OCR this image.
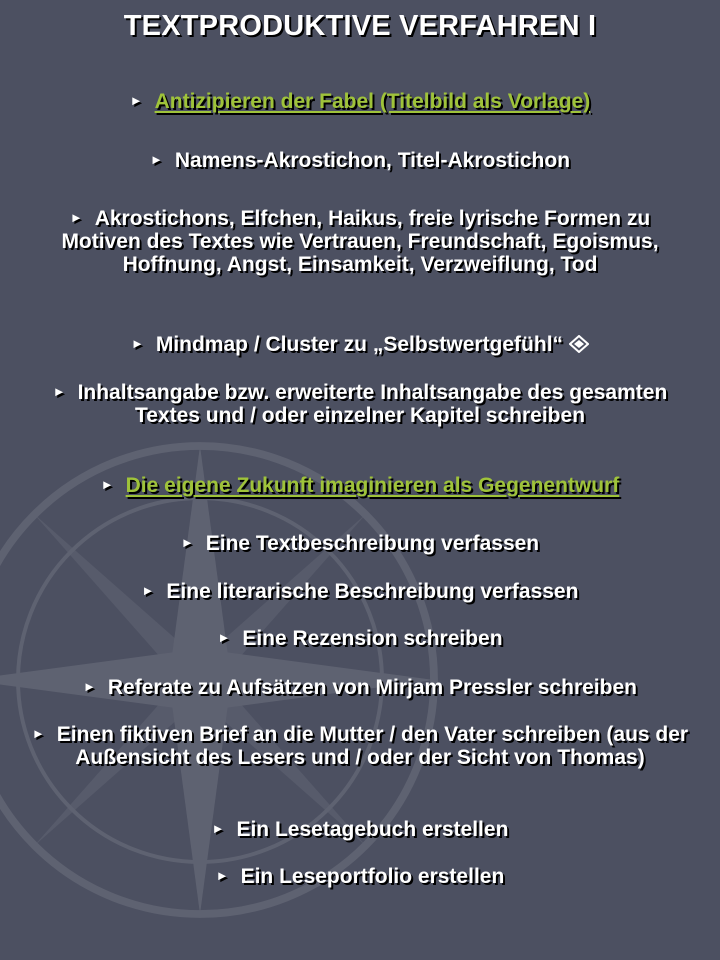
TEXTPRODUKTIVE VERFAHREN I
► Antizipieren der Fabel (Titelbild als Vorlage)
► Namens-Akrostichon, Titel-Akrostichon
► Akrostichons, Elfchen, Haikus, freie lyrische Formen zu Motiven des Textes wie Vertrauen, Freundschaft, Egoismus, Hoffnung, Angst, Einsamkeit, Verzweiflung, Tod
► Mindmap / Cluster zu „Selbstwertgefühl“
► Inhaltsangabe bzw. erweiterte Inhaltsangabe des gesamten Textes und / oder einzelner Kapitel schreiben
► Die eigene Zukunft imaginieren als Gegenentwurf
► Eine Textbeschreibung verfassen
► Eine literarische Beschreibung verfassen
► Eine Rezension schreiben
► Referate zu Aufsätzen von Mirjam Pressler schreiben
► Einen fiktiven Brief an die Mutter / den Vater schreiben (aus der Außensicht des Lesers und / oder der Sicht von Thomas)
► Ein Lesetagebuch erstellen
► Ein Leseportfolio erstellen
